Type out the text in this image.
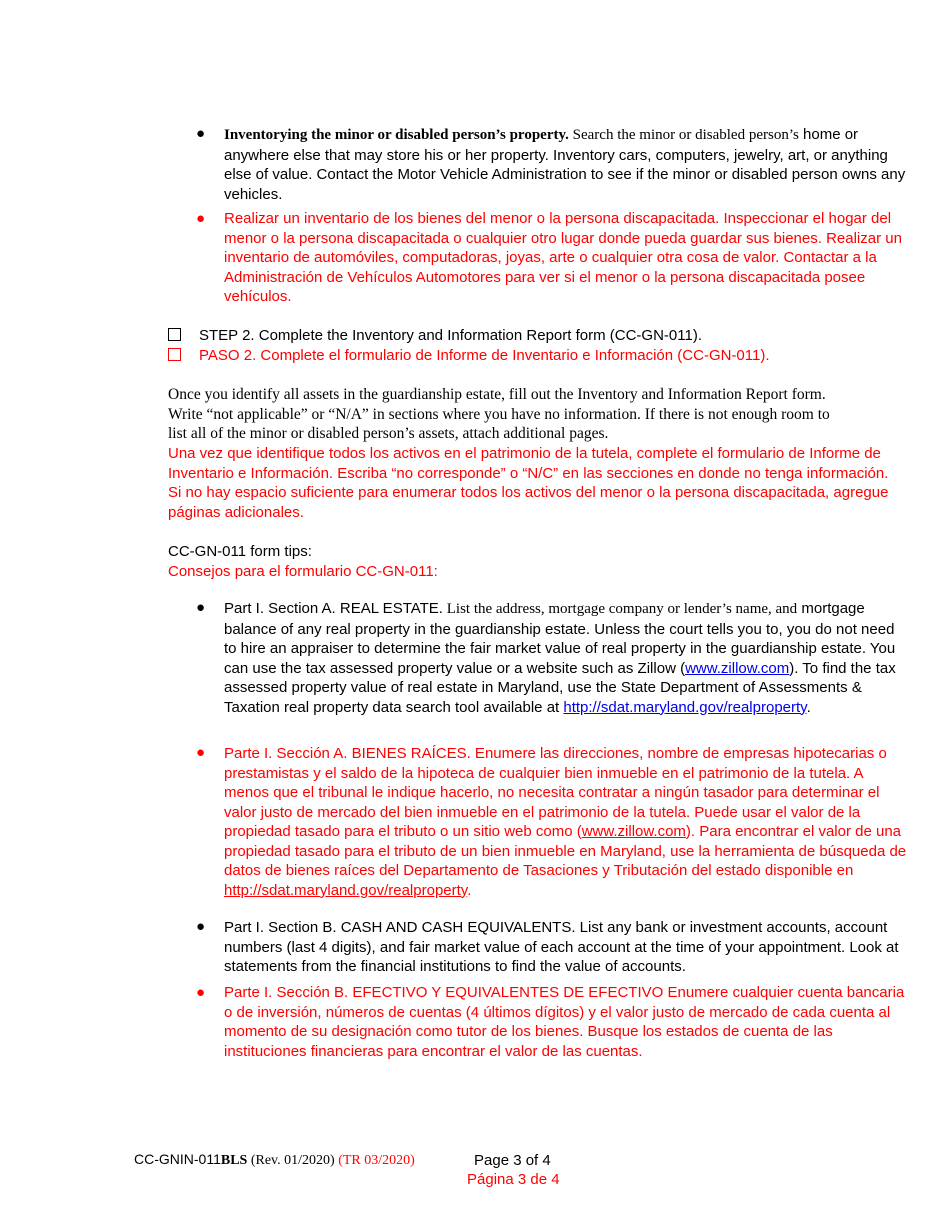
● Inventorying the minor or disabled person’s property. Search the minor or disabled person’s home or anywhere else that may store his or her property. Inventory cars, computers, jewelry, art, or anything else of value. Contact the Motor Vehicle Administration to see if the minor or disabled person owns any vehicles.
● Realizar un inventario de los bienes del menor o la persona discapacitada. Inspeccionar el hogar del menor o la persona discapacitada o cualquier otro lugar donde pueda guardar sus bienes. Realizar un inventario de automóviles, computadoras, joyas, arte o cualquier otra cosa de valor. Contactar a la Administración de Vehículos Automotores para ver si el menor o la persona discapacitada posee vehículos.
STEP 2. Complete the Inventory and Information Report form (CC-GN-011).
PASO 2. Complete el formulario de Informe de Inventario e Información (CC-GN-011).
Once you identify all assets in the guardianship estate, fill out the Inventory and Information Report form.
Write “not applicable” or “N/A” in sections where you have no information. If there is not enough room to
list all of the minor or disabled person’s assets, attach additional pages.
Una vez que identifique todos los activos en el patrimonio de la tutela, complete el formulario de Informe de Inventario e Información. Escriba “no corresponde” o “N/C” en las secciones en donde no tenga información. Si no hay espacio suficiente para enumerar todos los activos del menor o la persona discapacitada, agregue páginas adicionales.
CC-GN-011 form tips:
Consejos para el formulario CC-GN-011:
● Part I. Section A. REAL ESTATE. List the address, mortgage company or lender’s name, and mortgage balance of any real property in the guardianship estate. Unless the court tells you to, you do not need to hire an appraiser to determine the fair market value of real property in the guardianship estate. You can use the tax assessed property value or a website such as Zillow (www.zillow.com). To find the tax assessed property value of real estate in Maryland, use the State Department of Assessments & Taxation real property data search tool available at http://sdat.maryland.gov/realproperty.
● Parte I. Sección A. BIENES RAÍCES. Enumere las direcciones, nombre de empresas hipotecarias o prestamistas y el saldo de la hipoteca de cualquier bien inmueble en el patrimonio de la tutela. A menos que el tribunal le indique hacerlo, no necesita contratar a ningún tasador para determinar el valor justo de mercado del bien inmueble en el patrimonio de la tutela. Puede usar el valor de la propiedad tasado para el tributo o un sitio web como (www.zillow.com). Para encontrar el valor de una propiedad tasado para el tributo de un bien inmueble en Maryland, use la herramienta de búsqueda de datos de bienes raíces del Departamento de Tasaciones y Tributación del estado disponible en http://sdat.maryland.gov/realproperty.
● Part I. Section B. CASH AND CASH EQUIVALENTS. List any bank or investment accounts, account numbers (last 4 digits), and fair market value of each account at the time of your appointment. Look at statements from the financial institutions to find the value of accounts.
● Parte I. Sección B. EFECTIVO Y EQUIVALENTES DE EFECTIVO Enumere cualquier cuenta bancaria o de inversión, números de cuentas (4 últimos dígitos) y el valor justo de mercado de cada cuenta al momento de su designación como tutor de los bienes. Busque los estados de cuenta de las instituciones financieras para encontrar el valor de las cuentas.
CC-GNIN-011BLS (Rev. 01/2020) (TR 03/2020)	Page 3 of 4
Página 3 de 4
